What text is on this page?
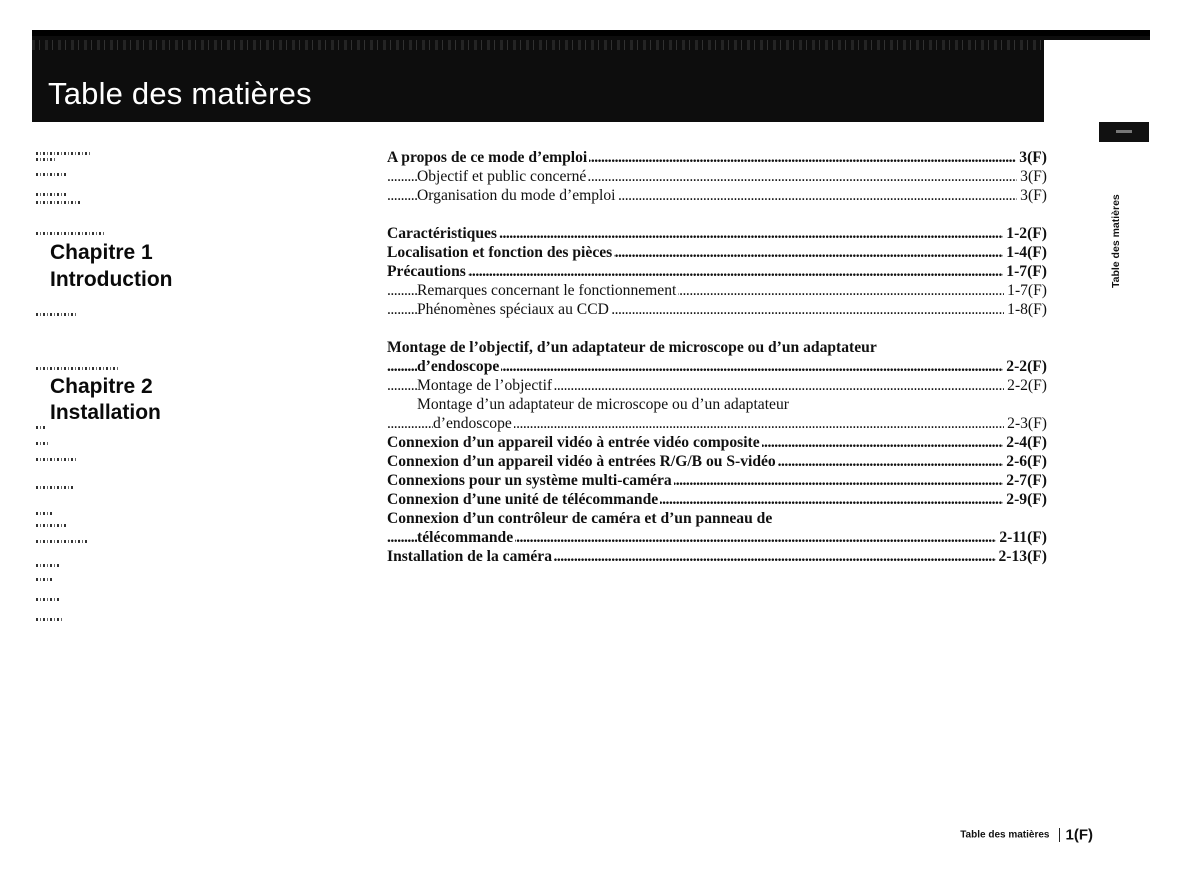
Table des matières
Chapitre 1
Introduction
Chapitre 2
Installation
. . .
A propos de ce mode d’emploi	3(F)
. . .
Objectif et public concerné	3(F)
. . .
Organisation du mode d’emploi	3(F)
. . .
Caractéristiques	1-2(F)
. . .
Localisation et fonction des pièces	1-4(F)
. . .
Précautions	1-7(F)
. . .
Remarques concernant le fonctionnement	1-7(F)
. . .
Phénomènes spéciaux au CCD	1-8(F)
Montage de l’objectif, d’un adaptateur de microscope ou d’un adaptateur
. . .
d’endoscope	2-2(F)
. . .
Montage de l’objectif	2-2(F)
Montage d’un adaptateur de microscope ou d’un adaptateur
. . .
d’endoscope	2-3(F)
. . .
Connexion d’un appareil vidéo à entrée vidéo composite	2-4(F)
. . .
Connexion d’un appareil vidéo à entrées R/G/B ou S-vidéo	2-6(F)
. . .
Connexions pour un système multi-caméra	2-7(F)
. . .
Connexion d’une unité de télécommande	2-9(F)
Connexion d’un contrôleur de caméra et d’un panneau de
. . .
télécommande	2-11(F)
. . .
Installation de la caméra	2-13(F)
Table des matières
Table des matières 1(F)
